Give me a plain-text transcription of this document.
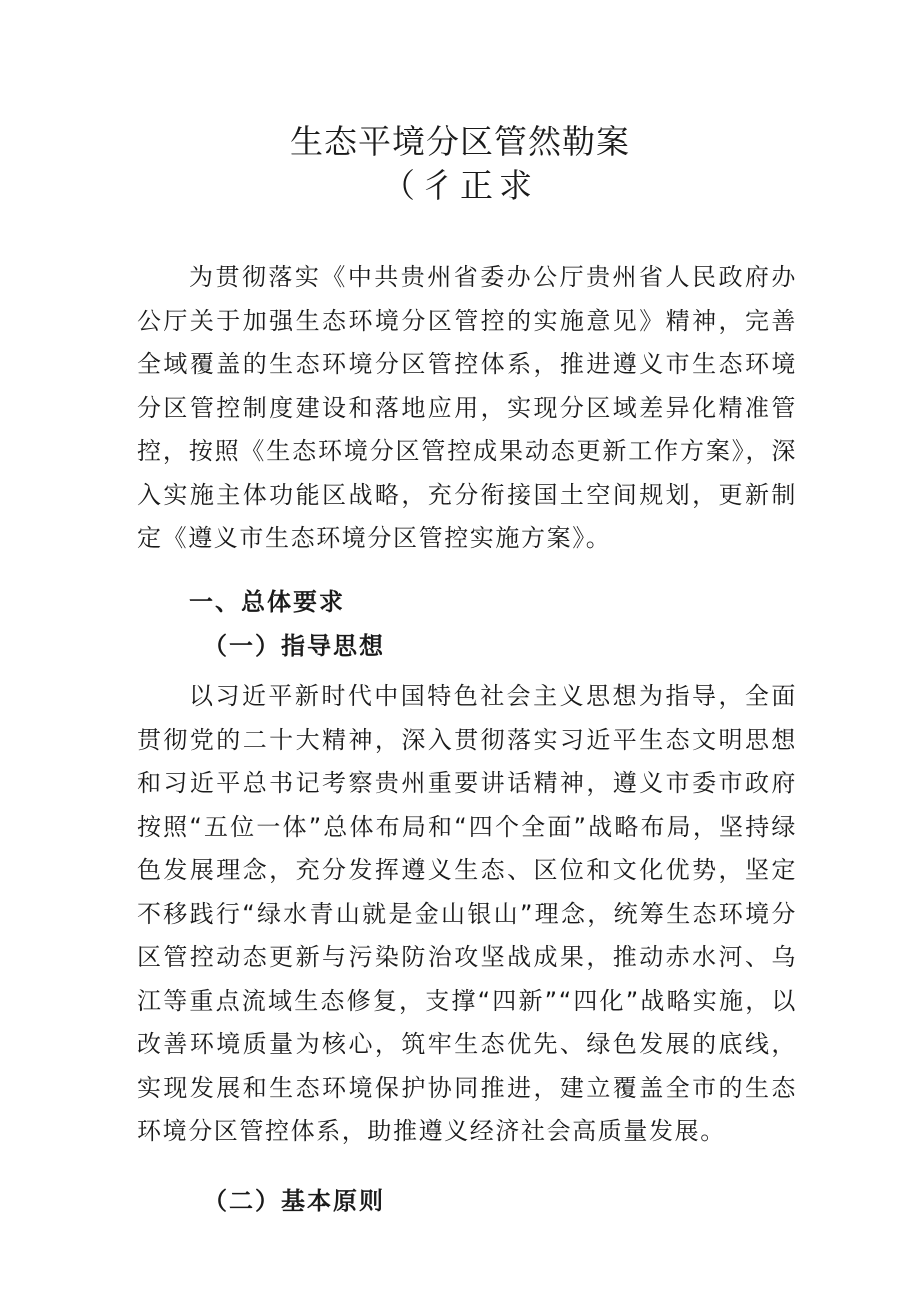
生态平境分区管然勒案
（彳正求

为贯彻落实《中共贵州省委办公厅贵州省人民政府办公厅关于加强生态环境分区管控的实施意见》精神，完善全域覆盖的生态环境分区管控体系，推进遵义市生态环境分区管控制度建设和落地应用，实现分区域差异化精准管控，按照《生态环境分区管控成果动态更新工作方案》，深入实施主体功能区战略，充分衔接国土空间规划，更新制定《遵义市生态环境分区管控实施方案》。

一、总体要求
（一）指导思想

以习近平新时代中国特色社会主义思想为指导，全面贯彻党的二十大精神，深入贯彻落实习近平生态文明思想和习近平总书记考察贵州重要讲话精神，遵义市委市政府按照“五位一体”总体布局和“四个全面”战略布局，坚持绿色发展理念，充分发挥遵义生态、区位和文化优势，坚定不移践行“绿水青山就是金山银山”理念，统筹生态环境分区管控动态更新与污染防治攻坚战成果，推动赤水河、乌江等重点流域生态修复，支撑“四新”“四化”战略实施，以改善环境质量为核心，筑牢生态优先、绿色发展的底线，实现发展和生态环境保护协同推进，建立覆盖全市的生态环境分区管控体系，助推遵义经济社会高质量发展。

（二）基本原则
